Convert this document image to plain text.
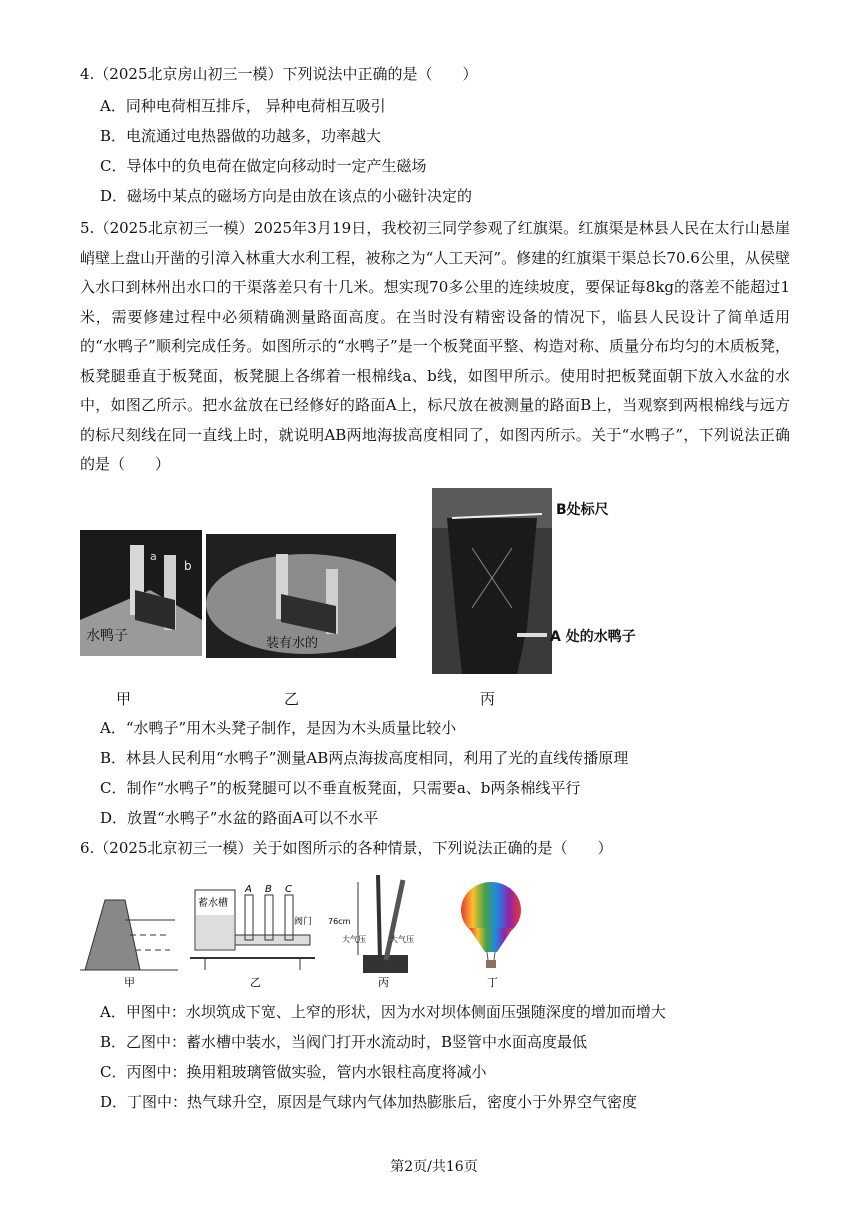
4.（2025北京房山初三一模）下列说法中正确的是（　　）
A．同种电荷相互排斥， 异种电荷相互吸引
B．电流通过电热器做的功越多，功率越大
C．导体中的负电荷在做定向移动时一定产生磁场
D．磁场中某点的磁场方向是由放在该点的小磁针决定的
5.（2025北京初三一模）2025年3月19日，我校初三同学参观了红旗渠。红旗渠是林县人民在太行山悬崖峭壁上盘山开凿的引漳入林重大水利工程，被称之为“人工天河”。修建的红旗渠干渠总长70.6公里，从侯壁入水口到林州出水口的干渠落差只有十几米。想实现70多公里的连续坡度，要保证每8kg的落差不能超过1米，需要修建过程中必须精确测量路面高度。在当时没有精密设备的情况下，临县人民设计了简单适用的“水鸭子”顺利完成任务。如图所示的“水鸭子”是一个板凳面平整、构造对称、质量分布均匀的木质板凳，板凳腿垂直于板凳面，板凳腿上各绑着一根棉线a、b线，如图甲所示。使用时把板凳面朝下放入水盆的水中，如图乙所示。把水盆放在已经修好的路面A上，标尺放在被测量的路面B上，当观察到两根棉线与远方的标尺刻线在同一直线上时，就说明AB两地海拔高度相同了，如图丙所示。关于“水鸭子”，下列说法正确的是（　　）
a
b
水鸭子	装有水的
B处标尺
A 处的水鸭子
甲	乙	丙
A．“水鸭子”用木头凳子制作，是因为木头质量比较小
B．林县人民利用“水鸭子”测量AB两点海拔高度相同，利用了光的直线传播原理
C．制作“水鸭子”的板凳腿可以不垂直板凳面，只需要a、b两条棉线平行
D．放置“水鸭子”水盆的路面A可以不水平
6.（2025北京初三一模）关于如图所示的各种情景，下列说法正确的是（　　）
甲
蓄水槽
A B C
阀门
乙
76cm
大气压	大气压
丙	丁
A．甲图中：水坝筑成下宽、上窄的形状，因为水对坝体侧面压强随深度的增加而增大
B．乙图中：蓄水槽中装水，当阀门打开水流动时，B竖管中水面高度最低
C．丙图中：换用粗玻璃管做实验，管内水银柱高度将减小
D．丁图中：热气球升空，原因是气球内气体加热膨胀后，密度小于外界空气密度
第2页/共16页
